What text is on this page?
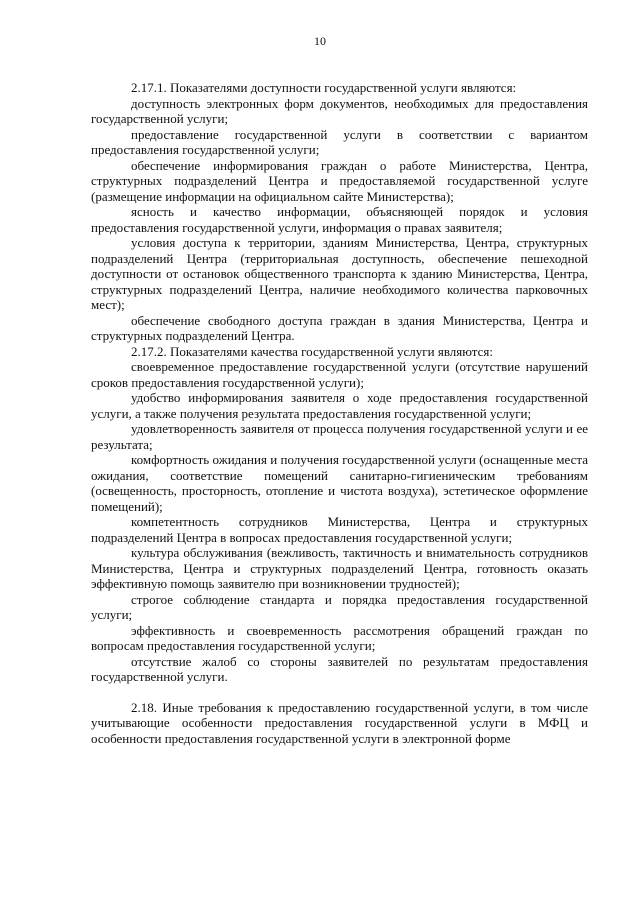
10

2.17.1. Показателями доступности государственной услуги являются:

доступность электронных форм документов, необходимых для предоставления государственной услуги;

предоставление государственной услуги в соответствии с вариантом предоставления государственной услуги;

обеспечение информирования граждан о работе Министерства, Центра, структурных подразделений Центра и предоставляемой государственной услуге (размещение информации на официальном сайте Министерства);

ясность и качество информации, объясняющей порядок и условия предоставления государственной услуги, информация о правах заявителя;

условия доступа к территории, зданиям Министерства, Центра, структурных подразделений Центра (территориальная доступность, обеспечение пешеходной доступности от остановок общественного транспорта к зданию Министерства, Центра, структурных подразделений Центра, наличие необходимого количества парковочных мест);

обеспечение свободного доступа граждан в здания Министерства, Центра и структурных подразделений Центра.

2.17.2. Показателями качества государственной услуги являются:

своевременное предоставление государственной услуги (отсутствие нарушений сроков предоставления государственной услуги);

удобство информирования заявителя о ходе предоставления государственной услуги, а также получения результата предоставления государственной услуги;

удовлетворенность заявителя от процесса получения государственной услуги и ее результата;

комфортность ожидания и получения государственной услуги (оснащенные места ожидания, соответствие помещений санитарно-гигиеническим требованиям (освещенность, просторность, отопление и чистота воздуха), эстетическое оформление помещений);

компетентность сотрудников Министерства, Центра и структурных подразделений Центра в вопросах предоставления государственной услуги;

культура обслуживания (вежливость, тактичность и внимательность сотрудников Министерства, Центра и структурных подразделений Центра, готовность оказать эффективную помощь заявителю при возникновении трудностей);

строгое соблюдение стандарта и порядка предоставления государственной услуги;

эффективность и своевременность рассмотрения обращений граждан по вопросам предоставления государственной услуги;

отсутствие жалоб со стороны заявителей по результатам предоставления государственной услуги.

2.18. Иные требования к предоставлению государственной услуги, в том числе учитывающие особенности предоставления государственной услуги в МФЦ и особенности предоставления государственной услуги в электронной форме
